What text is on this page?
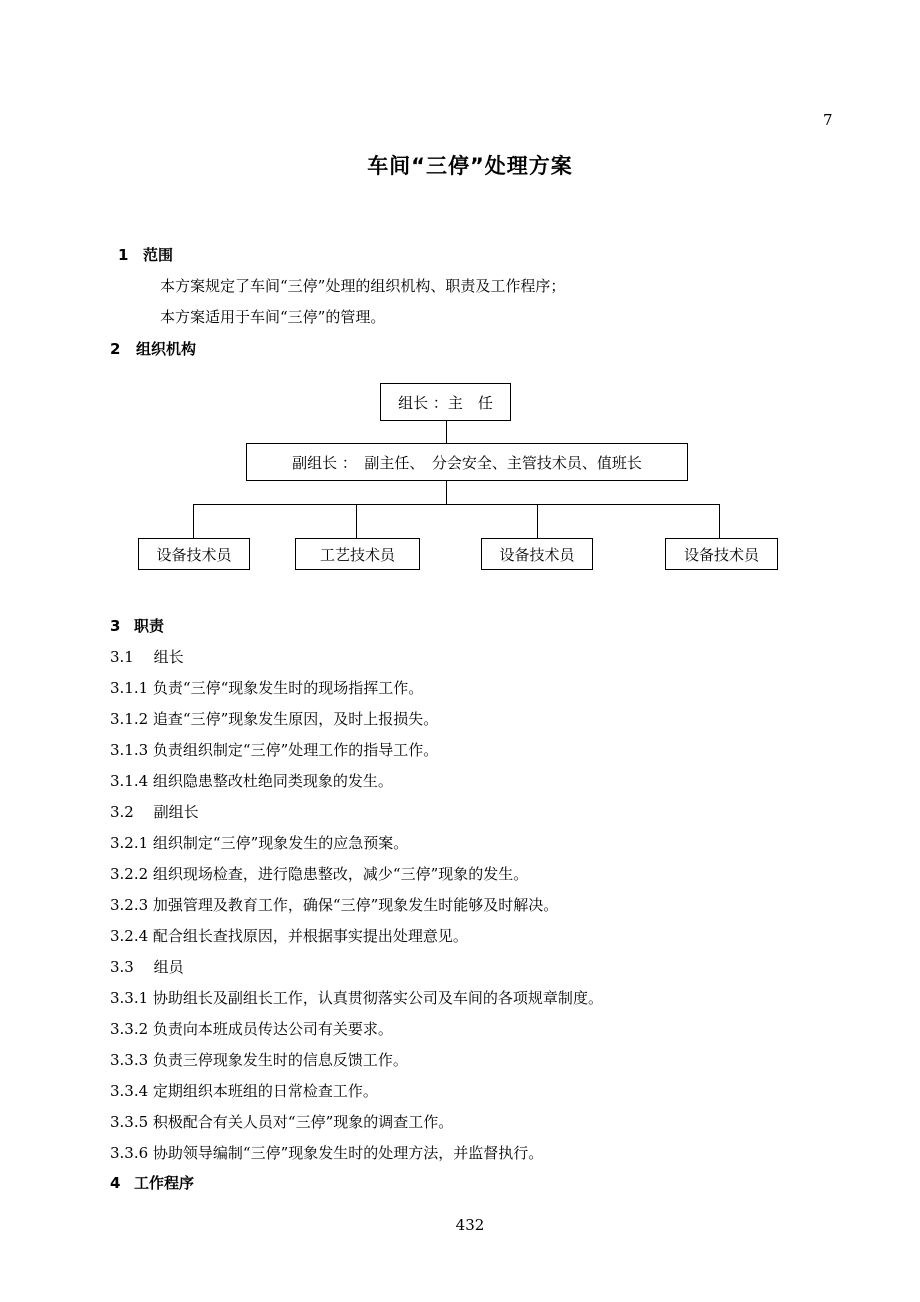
7
车间“三停”处理方案
1 范围
本方案规定了车间“三停”处理的组织机构、职责及工作程序；
本方案适用于车间“三停”的管理。
2 组织机构
组长 ：主　任
副组长 ：　副主任、　分会安全、主管技术员、值班长
设备技术员	工艺技术员	设备技术员	设备技术员
3 职责
3.1　 组长
3.1.1 负责“三停“现象发生时的现场指挥工作。
3.1.2 追查“三停”现象发生原因，及时上报损失。
3.1.3 负责组织制定“三停”处理工作的指导工作。
3.1.4 组织隐患整改杜绝同类现象的发生。
3.2　 副组长
3.2.1 组织制定“三停”现象发生的应急预案。
3.2.2 组织现场检查，进行隐患整改，减少“三停”现象的发生。
3.2.3 加强管理及教育工作，确保“三停”现象发生时能够及时解决。
3.2.4 配合组长查找原因，并根据事实提出处理意见。
3.3　 组员
3.3.1 协助组长及副组长工作，认真贯彻落实公司及车间的各项规章制度。
3.3.2 负责向本班成员传达公司有关要求。
3.3.3 负责三停现象发生时的信息反馈工作。
3.3.4 定期组织本班组的日常检查工作。
3.3.5 积极配合有关人员对“三停”现象的调查工作。
3.3.6 协助领导编制“三停”现象发生时的处理方法，并监督执行。
4 工作程序
432
